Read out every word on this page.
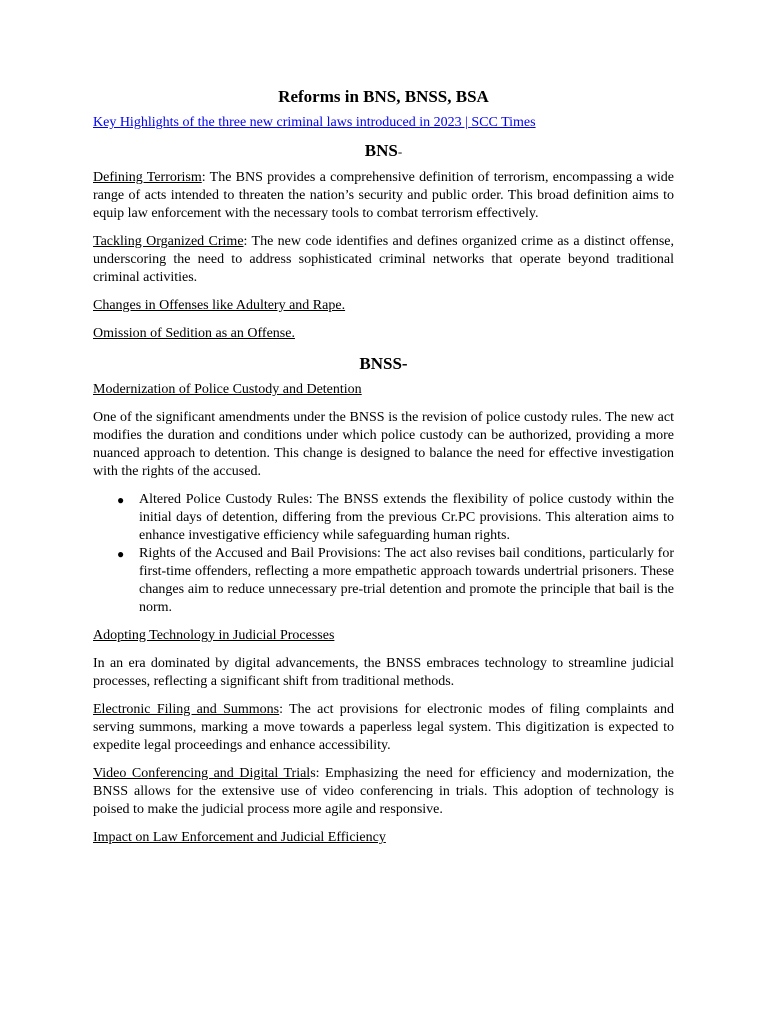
Reforms in BNS, BNSS, BSA
Key Highlights of the three new criminal laws introduced in 2023 | SCC Times
BNS-

Defining Terrorism: The BNS provides a comprehensive definition of terrorism, encompassing a wide range of acts intended to threaten the nation’s security and public order. This broad definition aims to equip law enforcement with the necessary tools to combat terrorism effectively.

Tackling Organized Crime: The new code identifies and defines organized crime as a distinct offense, underscoring the need to address sophisticated criminal networks that operate beyond traditional criminal activities.

Changes in Offenses like Adultery and Rape.

Omission of Sedition as an Offense.

BNSS-

Modernization of Police Custody and Detention

One of the significant amendments under the BNSS is the revision of police custody rules. The new act modifies the duration and conditions under which police custody can be authorized, providing a more nuanced approach to detention. This change is designed to balance the need for effective investigation with the rights of the accused.

● Altered Police Custody Rules: The BNSS extends the flexibility of police custody within the initial days of detention, differing from the previous Cr.PC provisions. This alteration aims to enhance investigative efficiency while safeguarding human rights.
● Rights of the Accused and Bail Provisions: The act also revises bail conditions, particularly for first-time offenders, reflecting a more empathetic approach towards undertrial prisoners. These changes aim to reduce unnecessary pre-trial detention and promote the principle that bail is the norm.

Adopting Technology in Judicial Processes

In an era dominated by digital advancements, the BNSS embraces technology to streamline judicial processes, reflecting a significant shift from traditional methods.

Electronic Filing and Summons: The act provisions for electronic modes of filing complaints and serving summons, marking a move towards a paperless legal system. This digitization is expected to expedite legal proceedings and enhance accessibility.

Video Conferencing and Digital Trials: Emphasizing the need for efficiency and modernization, the BNSS allows for the extensive use of video conferencing in trials. This adoption of technology is poised to make the judicial process more agile and responsive.

Impact on Law Enforcement and Judicial Efficiency
